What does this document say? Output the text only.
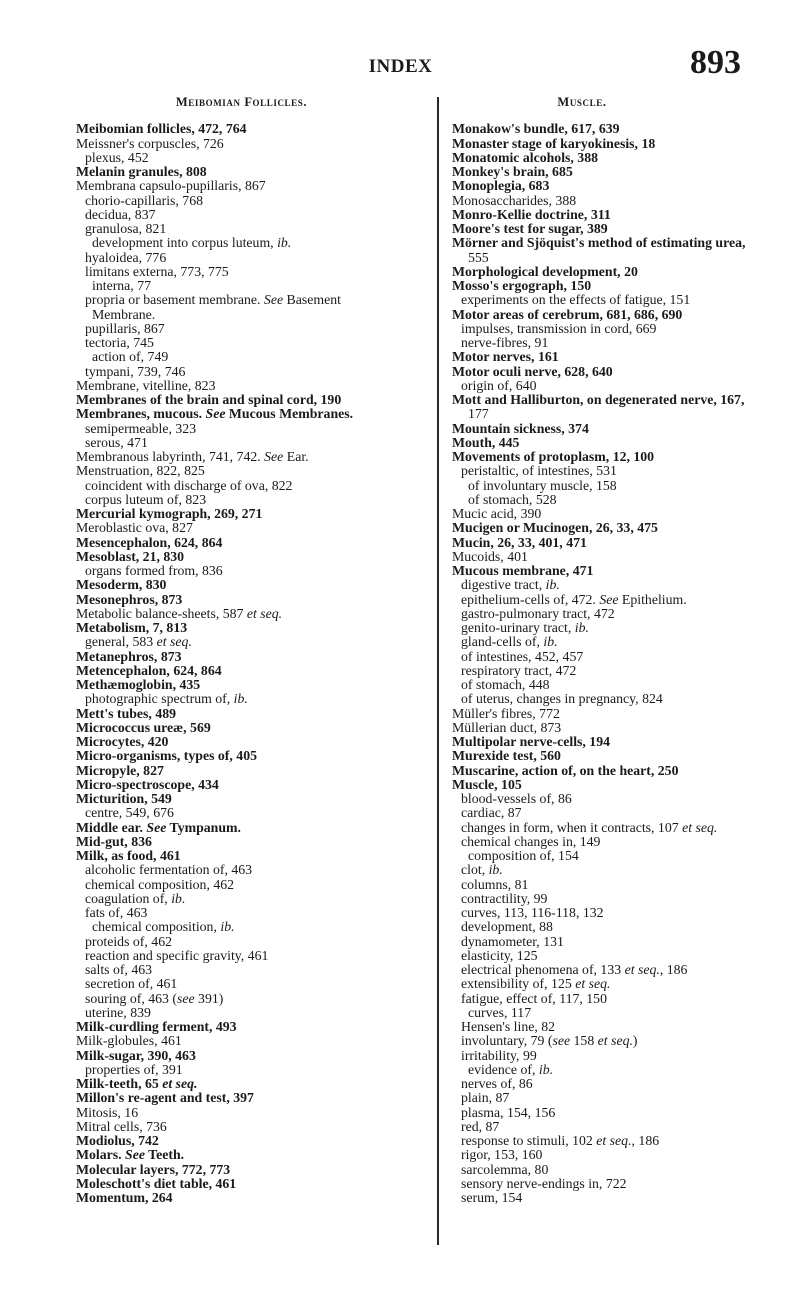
INDEX	893
Meibomian Follicles.
Meibomian follicles, 472, 764
Meissner's corpuscles, 726
plexus, 452
Melanin granules, 808
Membrana capsulo-pupillaris, 867
chorio-capillaris, 768
decidua, 837
granulosa, 821
development into corpus luteum, ib.
hyaloidea, 776
limitans externa, 773, 775
interna, 77
propria or basement membrane. See Basement
Membrane.
pupillaris, 867
tectoria, 745
action of, 749
tympani, 739, 746
Membrane, vitelline, 823
Membranes of the brain and spinal cord, 190
Membranes, mucous. See Mucous Membranes.
semipermeable, 323
serous, 471
Membranous labyrinth, 741, 742. See Ear.
Menstruation, 822, 825
coincident with discharge of ova, 822
corpus luteum of, 823
Mercurial kymograph, 269, 271
Meroblastic ova, 827
Mesencephalon, 624, 864
Mesoblast, 21, 830
organs formed from, 836
Mesoderm, 830
Mesonephros, 873
Metabolic balance-sheets, 587 et seq.
Metabolism, 7, 813
general, 583 et seq.
Metanephros, 873
Metencephalon, 624, 864
Methæmoglobin, 435
photographic spectrum of, ib.
Mett's tubes, 489
Micrococcus ureæ, 569
Microcytes, 420
Micro-organisms, types of, 405
Micropyle, 827
Micro-spectroscope, 434
Micturition, 549
centre, 549, 676
Middle ear. See Tympanum.
Mid-gut, 836
Milk, as food, 461
alcoholic fermentation of, 463
chemical composition, 462
coagulation of, ib.
fats of, 463
chemical composition, ib.
proteids of, 462
reaction and specific gravity, 461
salts of, 463
secretion of, 461
souring of, 463 (see 391)
uterine, 839
Milk-curdling ferment, 493
Milk-globules, 461
Milk-sugar, 390, 463
properties of, 391
Milk-teeth, 65 et seq.
Millon's re-agent and test, 397
Mitosis, 16
Mitral cells, 736
Modiolus, 742
Molars. See Teeth.
Molecular layers, 772, 773
Moleschott's diet table, 461
Momentum, 264
Muscle.
Monakow's bundle, 617, 639
Monaster stage of karyokinesis, 18
Monatomic alcohols, 388
Monkey's brain, 685
Monoplegia, 683
Monosaccharides, 388
Monro-Kellie doctrine, 311
Moore's test for sugar, 389
Mörner and Sjöquist's method of estimating urea,
555
Morphological development, 20
Mosso's ergograph, 150
experiments on the effects of fatigue, 151
Motor areas of cerebrum, 681, 686, 690
impulses, transmission in cord, 669
nerve-fibres, 91
Motor nerves, 161
Motor oculi nerve, 628, 640
origin of, 640
Mott and Halliburton, on degenerated nerve, 167,
177
Mountain sickness, 374
Mouth, 445
Movements of protoplasm, 12, 100
peristaltic, of intestines, 531
of involuntary muscle, 158
of stomach, 528
Mucic acid, 390
Mucigen or Mucinogen, 26, 33, 475
Mucin, 26, 33, 401, 471
Mucoids, 401
Mucous membrane, 471
digestive tract, ib.
epithelium-cells of, 472. See Epithelium.
gastro-pulmonary tract, 472
genito-urinary tract, ib.
gland-cells of, ib.
of intestines, 452, 457
respiratory tract, 472
of stomach, 448
of uterus, changes in pregnancy, 824
Müller's fibres, 772
Müllerian duct, 873
Multipolar nerve-cells, 194
Murexide test, 560
Muscarine, action of, on the heart, 250
Muscle, 105
blood-vessels of, 86
cardiac, 87
changes in form, when it contracts, 107 et seq.
chemical changes in, 149
composition of, 154
clot, ib.
columns, 81
contractility, 99
curves, 113, 116-118, 132
development, 88
dynamometer, 131
elasticity, 125
electrical phenomena of, 133 et seq., 186
extensibility of, 125 et seq.
fatigue, effect of, 117, 150
curves, 117
Hensen's line, 82
involuntary, 79 (see 158 et seq.)
irritability, 99
evidence of, ib.
nerves of, 86
plain, 87
plasma, 154, 156
red, 87
response to stimuli, 102 et seq., 186
rigor, 153, 160
sarcolemma, 80
sensory nerve-endings in, 722
serum, 154
